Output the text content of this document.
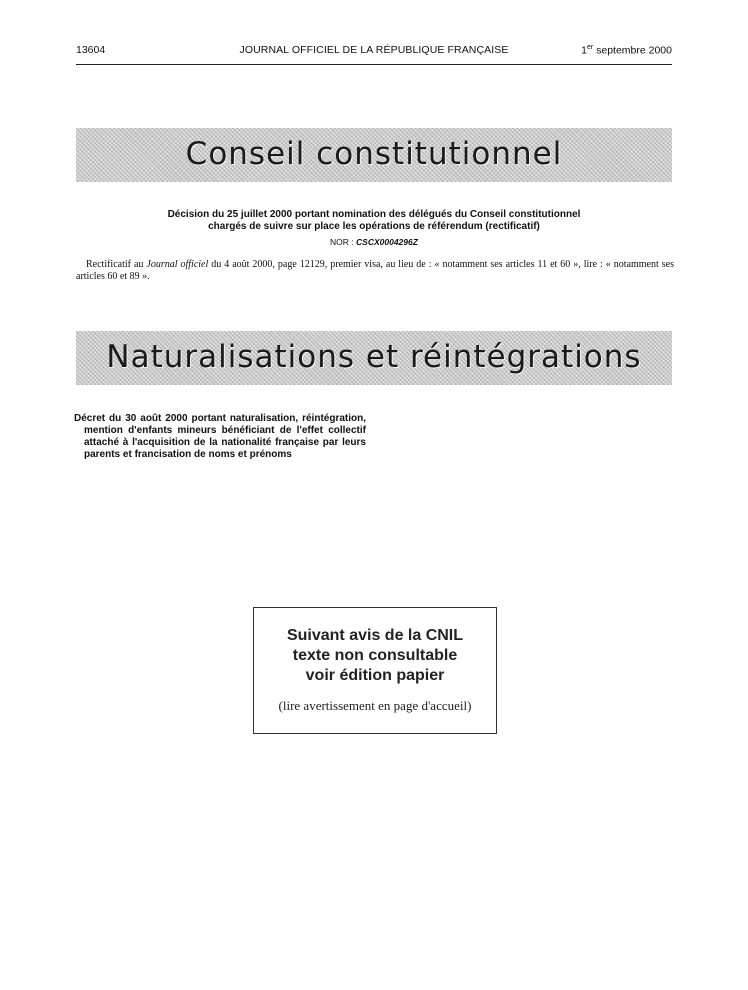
13604	JOURNAL OFFICIEL DE LA RÉPUBLIQUE FRANÇAISE	1er septembre 2000
Conseil constitutionnel
Décision du 25 juillet 2000 portant nomination des délégués du Conseil constitutionnel
chargés de suivre sur place les opérations de référendum (rectificatif)
NOR : CSCX0004296Z
Rectificatif au Journal officiel du 4 août 2000, page 12129, premier visa, au lieu de : « notamment ses articles 11 et 60 », lire : « notamment ses articles 60 et 89 ».
Naturalisations et réintégrations
Décret du 30 août 2000 portant naturalisation, réintégration, mention d'enfants mineurs bénéficiant de l'effet collectif attaché à l'acquisition de la nationalité française par leurs parents et francisation de noms et prénoms
Suivant avis de la CNIL
texte non consultable
voir édition papier
(lire avertissement en page d'accueil)
